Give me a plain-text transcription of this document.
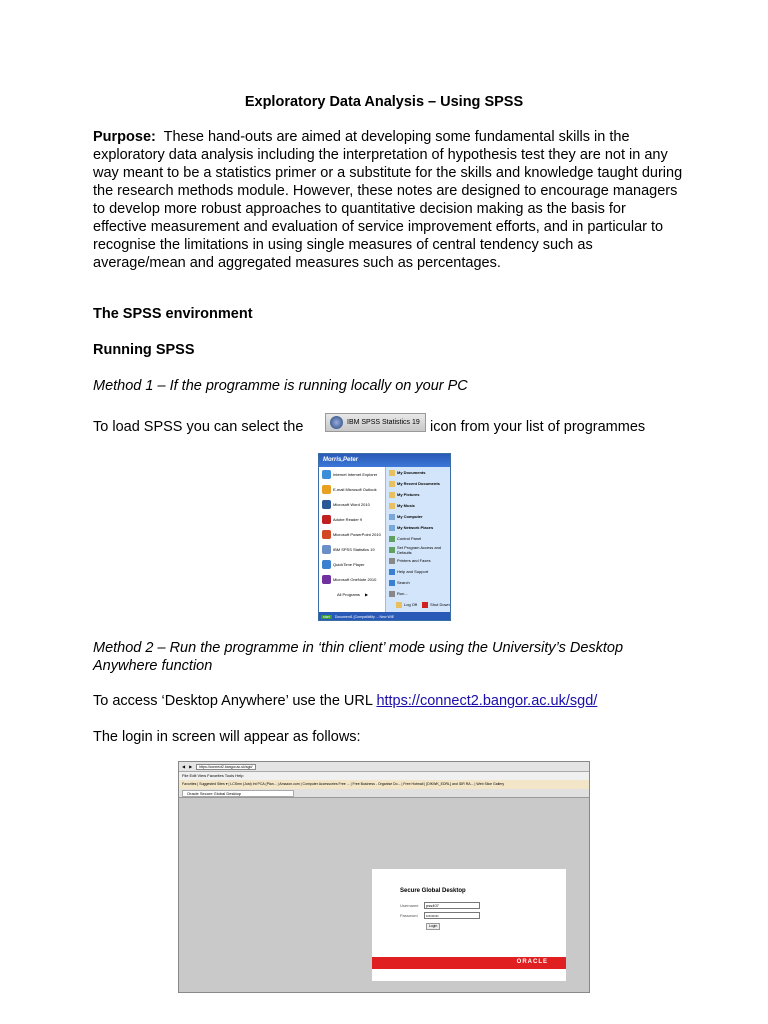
Exploratory Data Analysis – Using SPSS
Purpose: These hand-outs are aimed at developing some fundamental skills in the exploratory data analysis including the interpretation of hypothesis test they are not in any way meant to be a statistics primer or a substitute for the skills and knowledge taught during the research methods module. However, these notes are designed to encourage managers to develop more robust approaches to quantitative decision making as the basis for effective measurement and evaluation of service improvement efforts, and in particular to recognise the limitations in using single measures of central tendency such as average/mean and aggregated measures such as percentages.
The SPSS environment
Running SPSS
Method 1 – If the programme is running locally on your PC
To load SPSS you can select the	IBM SPSS Statistics 19 icon from your list of programmes
Morris,Peter
Internet Internet Explorer
E-mail Microsoft Outlook
Microsoft Word 2010
Adobe Reader 9
Microsoft PowerPoint 2010
IBM SPSS Statistics 19
QuickTime Player
Microsoft OneNote 2010
All Programs
▶
My Documents
My Recent Documents
My Pictures
My Music
My Computer
My Network Places
Control Panel
Set Program Access and Defaults
Printers and Faxes
Help and Support
Search
Run...
Log Off
	Shut Down
start	Document1 [Compatibility ... New WIE
Method 2 – Run the programme in ‘thin client’ mode using the University’s Desktop
Anywhere function
To access ‘Desktop Anywhere’ use the URL https://connect2.bangor.ac.uk/sgd/
The login in screen will appear as follows:
◀ ▶	https://connect2.bangor.ac.uk/sgd/
File Edit View Favorites Tools Help
Favorites | Suggested Sites ▾ | LCSmn (Just) Int PCA (Plan... | Amazon.com | Computer Accessories Free ... | Free Business - Organise Do... | Free Hotmail | [DIKWK_EDRL] and IDR RA... | Web Slice Gallery
Oracle Secure Global Desktop
Secure Global Desktop
Username	pss407
Password	•••••••••
Login
ORACLE
